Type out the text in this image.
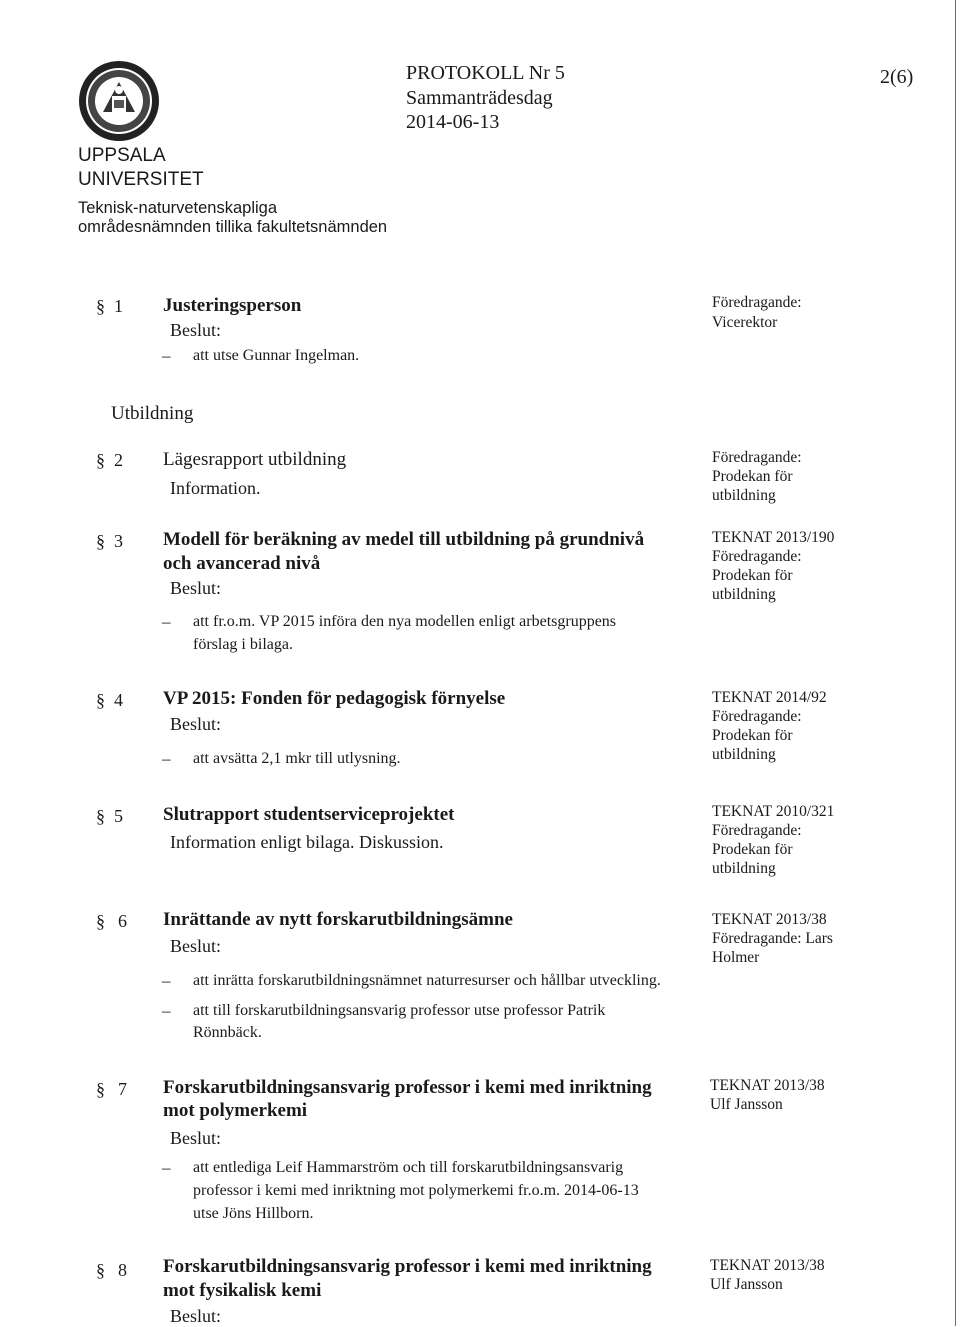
UPPSALA
UNIVERSITET
Teknisk-naturvetenskapliga
områdesnämnden tillika fakultetsnämnden
PROTOKOLL Nr 5
Sammanträdesdag
2014-06-13
2(6)
§ 1 Justeringsperson
Beslut:
– att utse Gunnar Ingelman.
Föredragande:
Vicerektor
Utbildning
§ 2 Lägesrapport utbildning
Information.
Föredragande:
Prodekan för
utbildning
§ 3 Modell för beräkning av medel till utbildning på grundnivå
och avancerad nivå
Beslut:
– att fr.o.m. VP 2015 införa den nya modellen enligt arbetsgruppens
förslag i bilaga.
TEKNAT 2013/190
Föredragande:
Prodekan för
utbildning
§ 4 VP 2015: Fonden för pedagogisk förnyelse
Beslut:
– att avsätta 2,1 mkr till utlysning.
TEKNAT 2014/92
Föredragande:
Prodekan för
utbildning
§ 5 Slutrapport studentserviceprojektet
Information enligt bilaga. Diskussion.
TEKNAT 2010/321
Föredragande:
Prodekan för
utbildning
§ 6 Inrättande av nytt forskarutbildningsämne
Beslut:
– att inrätta forskarutbildningsnämnet naturresurser och hållbar utveckling.
– att till forskarutbildningsansvarig professor utse professor Patrik
Rönnbäck.
TEKNAT 2013/38
Föredragande: Lars
Holmer
§ 7 Forskarutbildningsansvarig professor i kemi med inriktning
mot polymerkemi
Beslut:
– att entlediga Leif Hammarström och till forskarutbildningsansvarig
professor i kemi med inriktning mot polymerkemi fr.o.m. 2014-06-13
utse Jöns Hillborn.
TEKNAT 2013/38
Ulf Jansson
§ 8 Forskarutbildningsansvarig professor i kemi med inriktning
mot fysikalisk kemi
Beslut:
TEKNAT 2013/38
Ulf Jansson
